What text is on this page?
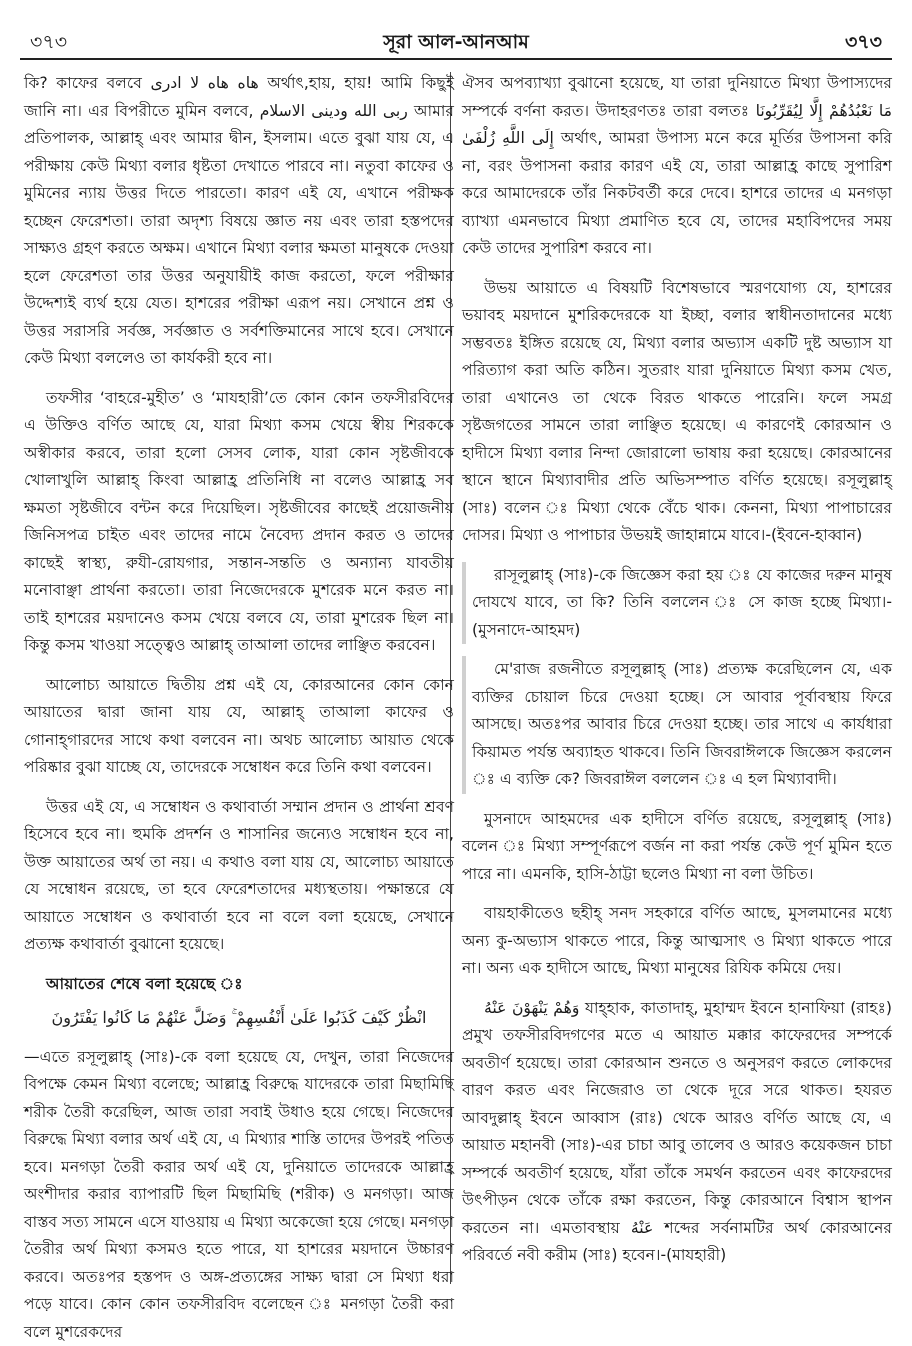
৩৭৩	সূরা আল-আনআম	৩৭৩

কি? কাফের বলবে هاه هاه لا ادرى অর্থাৎ,হায়, হায়! আমি কিছুই জানি না। এর বিপরীতে মুমিন বলবে, ربى الله ودينى الاسلام আমার প্রতিপালক, আল্লাহ্ এবং আমার দ্বীন, ইসলাম। এতে বুঝা যায় যে, এ পরীক্ষায় কেউ মিথ্যা বলার ধৃষ্টতা দেখাতে পারবে না। নতুবা কাফের ও মুমিনের ন্যায় উত্তর দিতে পারতো। কারণ এই যে, এখানে পরীক্ষক হচ্ছেন ফেরেশতা। তারা অদৃশ্য বিষয়ে জ্ঞাত নয় এবং তারা হস্তপদের সাক্ষ্যও গ্রহণ করতে অক্ষম। এখানে মিথ্যা বলার ক্ষমতা মানুষকে দেওয়া হলে ফেরেশতা তার উত্তর অনুযায়ীই কাজ করতো, ফলে পরীক্ষার উদ্দেশ্যই ব্যর্থ হয়ে যেত। হাশরের পরীক্ষা এরূপ নয়। সেখানে প্রশ্ন ও উত্তর সরাসরি সর্বজ্ঞ, সর্বজ্ঞাত ও সর্বশক্তিমানের সাথে হবে। সেখানে কেউ মিথ্যা বললেও তা কার্যকরী হবে না।

তফসীর ‘বাহরে-মুহীত’ ও ‘মাযহারী’তে কোন কোন তফসীরবিদের এ উক্তিও বর্ণিত আছে যে, যারা মিথ্যা কসম খেয়ে স্বীয় শিরককে অস্বীকার করবে, তারা হলো সেসব লোক, যারা কোন সৃষ্টজীবকে খোলাখুলি আল্লাহ্ কিংবা আল্লাহ্র প্রতিনিধি না বলেও আল্লাহ্র সব ক্ষমতা সৃষ্টজীবে বন্টন করে দিয়েছিল। সৃষ্টজীবের কাছেই প্রয়োজনীয় জিনিসপত্র চাইত এবং তাদের নামে নৈবেদ্য প্রদান করত ও তাদের কাছেই স্বাস্থ্য, রুযী-রোযগার, সন্তান-সন্ততি ও অন্যান্য যাবতীয় মনোবাঞ্ছা প্রার্থনা করতো। তারা নিজেদেরকে মুশরেক মনে করত না। তাই হাশরের ময়দানেও কসম খেয়ে বলবে যে, তারা মুশরেক ছিল না। কিন্তু কসম খাওয়া সত্ত্বেও আল্লাহ্ তাআলা তাদের লাঞ্ছিত করবেন।

আলোচ্য আয়াতে দ্বিতীয় প্রশ্ন এই যে, কোরআনের কোন কোন আয়াতের দ্বারা জানা যায় যে, আল্লাহ্ তাআলা কাফের ও গোনাহ্গারদের সাথে কথা বলবেন না। অথচ আলোচ্য আয়াত থেকে পরিষ্কার বুঝা যাচ্ছে যে, তাদেরকে সম্বোধন করে তিনি কথা বলবেন।

উত্তর এই যে, এ সম্বোধন ও কথাবার্তা সম্মান প্রদান ও প্রার্থনা শ্রবণ হিসেবে হবে না। হুমকি প্রদর্শন ও শাসানির জন্যেও সম্বোধন হবে না, উক্ত আয়াতের অর্থ তা নয়। এ কথাও বলা যায় যে, আলোচ্য আয়াতে যে সম্বোধন রয়েছে, তা হবে ফেরেশতাদের মধ্যস্থতায়। পক্ষান্তরে যে আয়াতে সম্বোধন ও কথাবার্তা হবে না বলে বলা হয়েছে, সেখানে প্রত্যক্ষ কথাবার্তা বুঝানো হয়েছে।

আয়াতের শেষে বলা হয়েছে ঃ

انْظُرْ كَيْفَ كَذَبُوا عَلَىٰ أَنْفُسِهِمْ ۚ وَضَلَّ عَنْهُمْ مَا كَانُوا يَفْتَرُونَ

—এতে রসূলুল্লাহ্ (সাঃ)-কে বলা হয়েছে যে, দেখুন, তারা নিজেদের বিপক্ষে কেমন মিথ্যা বলেছে; আল্লাহ্র বিরুদ্ধে যাদেরকে তারা মিছামিছি শরীক তৈরী করেছিল, আজ তারা সবাই উধাও হয়ে গেছে। নিজেদের বিরুদ্ধে মিথ্যা বলার অর্থ এই যে, এ মিথ্যার শাস্তি তাদের উপরই পতিত হবে। মনগড়া তৈরী করার অর্থ এই যে, দুনিয়াতে তাদেরকে আল্লাহ্র অংশীদার করার ব্যাপারটি ছিল মিছামিছি (শরীক) ও মনগড়া। আজ বাস্তব সত্য সামনে এসে যাওয়ায় এ মিথ্যা অকেজো হয়ে গেছে। মনগড়া তৈরীর অর্থ মিথ্যা কসমও হতে পারে, যা হাশরের ময়দানে উচ্চারণ করবে। অতঃপর হস্তপদ ও অঙ্গ-প্রত্যঙ্গের সাক্ষ্য দ্বারা সে মিথ্যা ধরা পড়ে যাবে। কোন কোন তফসীরবিদ বলেছেন ঃ মনগড়া তৈরী করা বলে মুশরেকদের

ঐসব অপব্যাখ্যা বুঝানো হয়েছে, যা তারা দুনিয়াতে মিথ্যা উপাস্যদের সম্পর্কে বর্ণনা করত। উদাহরণতঃ তারা বলতঃ مَا نَعْبُدُهُمْ إِلَّا لِيُقَرِّبُونَا إِلَى اللَّهِ زُلْفَىٰ অর্থাৎ, আমরা উপাস্য মনে করে মূর্তির উপাসনা করি না, বরং উপাসনা করার কারণ এই যে, তারা আল্লাহ্র কাছে সুপারিশ করে আমাদেরকে তাঁর নিকটবর্তী করে দেবে। হাশরে তাদের এ মনগড়া ব্যাখ্যা এমনভাবে মিথ্যা প্রমাণিত হবে যে, তাদের মহাবিপদের সময় কেউ তাদের সুপারিশ করবে না।

উভয় আয়াতে এ বিষয়টি বিশেষভাবে স্মরণযোগ্য যে, হাশরের ভয়াবহ ময়দানে মুশরিকদেরকে যা ইচ্ছা, বলার স্বাধীনতাদানের মধ্যে সম্ভবতঃ ইঙ্গিত রয়েছে যে, মিথ্যা বলার অভ্যাস একটি দুষ্ট অভ্যাস যা পরিত্যাগ করা অতি কঠিন। সুতরাং যারা দুনিয়াতে মিথ্যা কসম খেত, তারা এখানেও তা থেকে বিরত থাকতে পারেনি। ফলে সমগ্র সৃষ্টজগতের সামনে তারা লাঞ্ছিত হয়েছে। এ কারণেই কোরআন ও হাদীসে মিথ্যা বলার নিন্দা জোরালো ভাষায় করা হয়েছে। কোরআনের স্থানে স্থানে মিথ্যাবাদীর প্রতি অভিসম্পাত বর্ণিত হয়েছে। রসূলুল্লাহ্ (সাঃ) বলেন ঃ মিথ্যা থেকে বেঁচে থাক। কেননা, মিথ্যা পাপাচারের দোসর। মিথ্যা ও পাপাচার উভয়ই জাহান্নামে যাবে।-(ইবনে-হাব্বান)

রাসূলুল্লাহ্ (সাঃ)-কে জিজ্ঞেস করা হয় ঃ যে কাজের দরুন মানুষ দোযখে যাবে, তা কি? তিনি বললেন ঃ সে কাজ হচ্ছে মিথ্যা।-(মুসনাদে-আহমদ)

মে'রাজ রজনীতে রসূলুল্লাহ্ (সাঃ) প্রত্যক্ষ করেছিলেন যে, এক ব্যক্তির চোয়াল চিরে দেওয়া হচ্ছে। সে আবার পূর্বাবস্থায় ফিরে আসছে। অতঃপর আবার চিরে দেওয়া হচ্ছে। তার সাথে এ কার্যধারা কিয়ামত পর্যন্ত অব্যাহত থাকবে। তিনি জিবরাঈলকে জিজ্ঞেস করলেন ঃ এ ব্যক্তি কে? জিবরাঈল বললেন ঃ এ হল মিথ্যাবাদী।

মুসনাদে আহমদের এক হাদীসে বর্ণিত রয়েছে, রসূলুল্লাহ্ (সাঃ) বলেন ঃ মিথ্যা সম্পূর্ণরূপে বর্জন না করা পর্যন্ত কেউ পূর্ণ মুমিন হতে পারে না। এমনকি, হাসি-ঠাট্টা ছলেও মিথ্যা না বলা উচিত।

বায়হাকীতেও ছহীহ্ সনদ সহকারে বর্ণিত আছে, মুসলমানের মধ্যে অন্য কু-অভ্যাস থাকতে পারে, কিন্তু আত্মসাৎ ও মিথ্যা থাকতে পারে না। অন্য এক হাদীসে আছে, মিথ্যা মানুষের রিযিক কমিয়ে দেয়।

وَهُمْ يَنْهَوْنَ عَنْهُ যাহ্হাক, কাতাদাহ্, মুহাম্মদ ইবনে হানাফিয়া (রাহঃ) প্রমুখ তফসীরবিদগণের মতে এ আয়াত মক্কার কাফেরদের সম্পর্কে অবতীর্ণ হয়েছে। তারা কোরআন শুনতে ও অনুসরণ করতে লোকদের বারণ করত এবং নিজেরাও তা থেকে দূরে সরে থাকত। হযরত আবদুল্লাহ্ ইবনে আব্বাস (রাঃ) থেকে আরও বর্ণিত আছে যে, এ আয়াত মহানবী (সাঃ)-এর চাচা আবু তালেব ও আরও কয়েকজন চাচা সম্পর্কে অবতীর্ণ হয়েছে, যাঁরা তাঁকে সমর্থন করতেন এবং কাফেরদের উৎপীড়ন থেকে তাঁকে রক্ষা করতেন, কিন্তু কোরআনে বিশ্বাস স্থাপন করতেন না। এমতাবস্থায় عَنْهُ শব্দের সর্বনামটির অর্থ কোরআনের পরিবর্তে নবী করীম (সাঃ) হবেন।-(মাযহারী)
